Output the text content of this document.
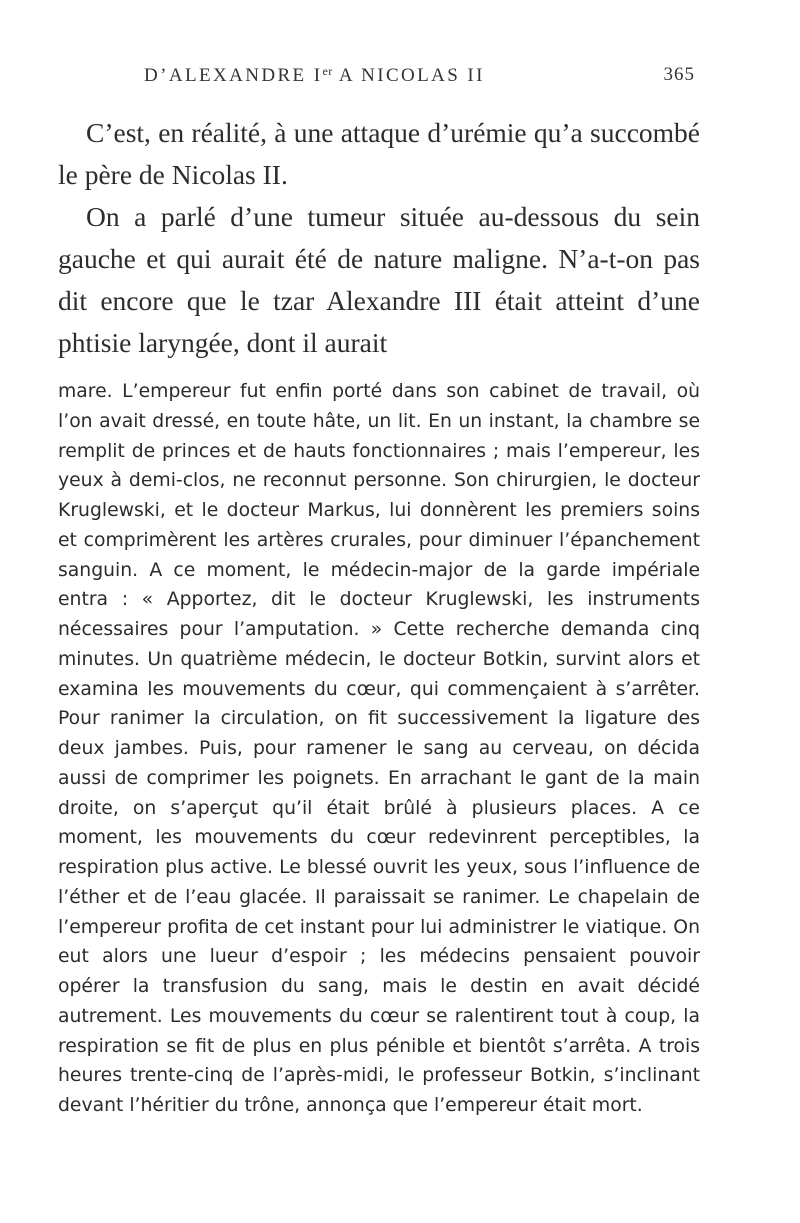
D’ALEXANDRE Ier A NICOLAS II	365

C’est, en réalité, à une attaque d’urémie qu’a succombé le père de Nicolas II.

On a parlé d’une tumeur située au-dessous du sein gauche et qui aurait été de nature maligne. N’a-t-on pas dit encore que le tzar Alexandre III était atteint d’une phtisie laryngée, dont il aurait

mare. L’empereur fut enfin porté dans son cabinet de travail, où l’on avait dressé, en toute hâte, un lit. En un instant, la chambre se remplit de princes et de hauts fonctionnaires ; mais l’empereur, les yeux à demi-clos, ne reconnut personne. Son chirurgien, le docteur Kruglewski, et le docteur Markus, lui donnèrent les premiers soins et comprimèrent les artères crurales, pour diminuer l’épanchement sanguin. A ce moment, le médecin-major de la garde impériale entra : « Apportez, dit le docteur Kruglewski, les instruments nécessaires pour l’amputation. » Cette recherche demanda cinq minutes. Un quatrième médecin, le docteur Botkin, survint alors et examina les mouvements du cœur, qui commençaient à s’arrêter. Pour ranimer la circulation, on fit successivement la ligature des deux jambes. Puis, pour ramener le sang au cerveau, on décida aussi de comprimer les poignets. En arrachant le gant de la main droite, on s’aperçut qu’il était brûlé à plusieurs places. A ce moment, les mouvements du cœur redevinrent perceptibles, la respiration plus active. Le blessé ouvrit les yeux, sous l’influence de l’éther et de l’eau glacée. Il paraissait se ranimer. Le chapelain de l’empereur profita de cet instant pour lui administrer le viatique. On eut alors une lueur d’espoir ; les médecins pensaient pouvoir opérer la transfusion du sang, mais le destin en avait décidé autrement. Les mouvements du cœur se ralentirent tout à coup, la respiration se fit de plus en plus pénible et bientôt s’arrêta. A trois heures trente-cinq de l’après-midi, le professeur Botkin, s’inclinant devant l’héritier du trône, annonça que l’empereur était mort.
